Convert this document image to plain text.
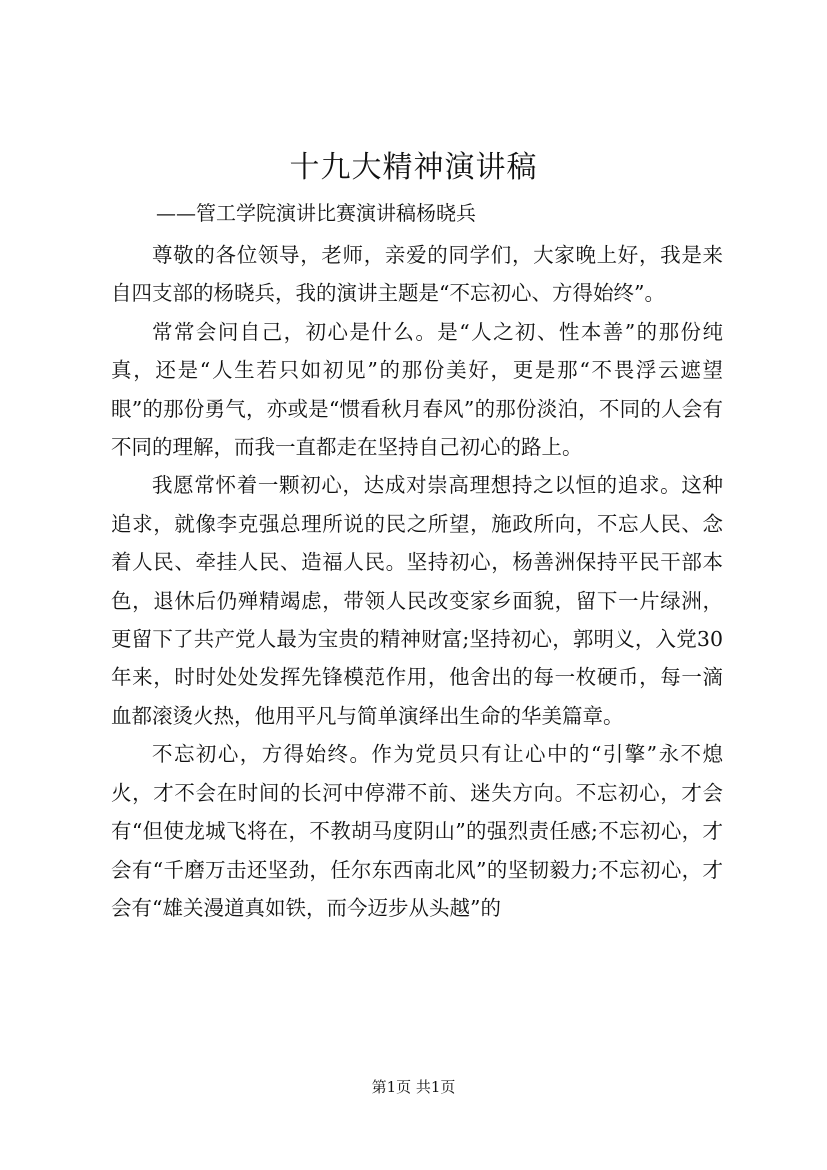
十九大精神演讲稿
——管工学院演讲比赛演讲稿杨晓兵

尊敬的各位领导，老师，亲爱的同学们，大家晚上好，我是来自四支部的杨晓兵，我的演讲主题是“不忘初心、方得始终”。

常常会问自己，初心是什么。是“人之初、性本善”的那份纯真，还是“人生若只如初见”的那份美好，更是那“不畏浮云遮望眼”的那份勇气，亦或是“惯看秋月春风”的那份淡泊，不同的人会有不同的理解，而我一直都走在坚持自己初心的路上。

我愿常怀着一颗初心，达成对崇高理想持之以恒的追求。这种追求，就像李克强总理所说的民之所望，施政所向，不忘人民、念着人民、牵挂人民、造福人民。坚持初心，杨善洲保持平民干部本色，退休后仍殚精竭虑，带领人民改变家乡面貌，留下一片绿洲，更留下了共产党人最为宝贵的精神财富;坚持初心，郭明义，入党30年来，时时处处发挥先锋模范作用，他舍出的每一枚硬币，每一滴血都滚烫火热，他用平凡与简单演绎出生命的华美篇章。

不忘初心，方得始终。作为党员只有让心中的“引擎”永不熄火，才不会在时间的长河中停滞不前、迷失方向。不忘初心，才会有“但使龙城飞将在，不教胡马度阴山”的强烈责任感;不忘初心，才会有“千磨万击还坚劲，任尔东西南北风”的坚韧毅力;不忘初心，才会有“雄关漫道真如铁，而今迈步从头越”的

第1页 共1页
